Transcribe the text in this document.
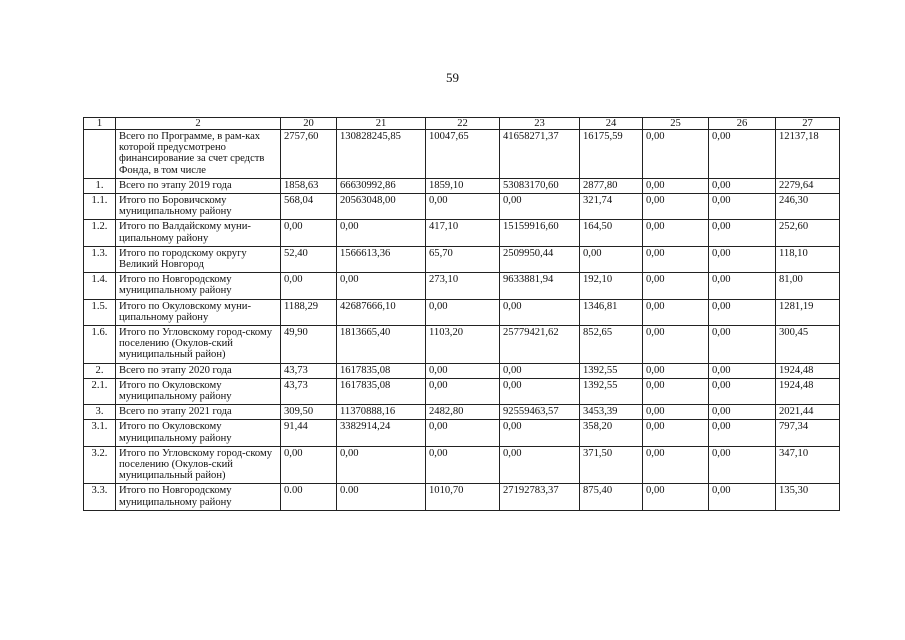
59
1	2	20	21	22	23	24	25	26	27
	Всего по Программе, в рам-ках которой предусмотрено финансирование за счет средств Фонда, в том числе	2757,60	130828245,85	10047,65	41658271,37	16175,59	0,00	0,00	12137,18
1.	Всего по этапу 2019 года	1858,63	66630992,86	1859,10	53083170,60	2877,80	0,00	0,00	2279,64
1.1.	Итого по Боровичскому муниципальному району	568,04	20563048,00	0,00	0,00	321,74	0,00	0,00	246,30
1.2.	Итого по Валдайскому муни-ципальному району	0,00	0,00	417,10	15159916,60	164,50	0,00	0,00	252,60
1.3.	Итого по городскому округу Великий Новгород	52,40	1566613,36	65,70	2509950,44	0,00	0,00	0,00	118,10
1.4.	Итого по Новгородскому муниципальному району	0,00	0,00	273,10	9633881,94	192,10	0,00	0,00	81,00
1.5.	Итого по Окуловскому муни-ципальному району	1188,29	42687666,10	0,00	0,00	1346,81	0,00	0,00	1281,19
1.6.	Итого по Угловскому город-скому поселению (Окулов-ский муниципальный район)	49,90	1813665,40	1103,20	25779421,62	852,65	0,00	0,00	300,45
2.	Всего по этапу 2020 года	43,73	1617835,08	0,00	0,00	1392,55	0,00	0,00	1924,48
2.1.	Итого по Окуловскому муниципальному району	43,73	1617835,08	0,00	0,00	1392,55	0,00	0,00	1924,48
3.	Всего по этапу 2021 года	309,50	11370888,16	2482,80	92559463,57	3453,39	0,00	0,00	2021,44
3.1.	Итого по Окуловскому муниципальному району	91,44	3382914,24	0,00	0,00	358,20	0,00	0,00	797,34
3.2.	Итого по Угловскому город-скому поселению (Окулов-ский муниципальный район)	0,00	0,00	0,00	0,00	371,50	0,00	0,00	347,10
3.3.	Итого по Новгородскому муниципальному району	0.00	0.00	1010,70	27192783,37	875,40	0,00	0,00	135,30
